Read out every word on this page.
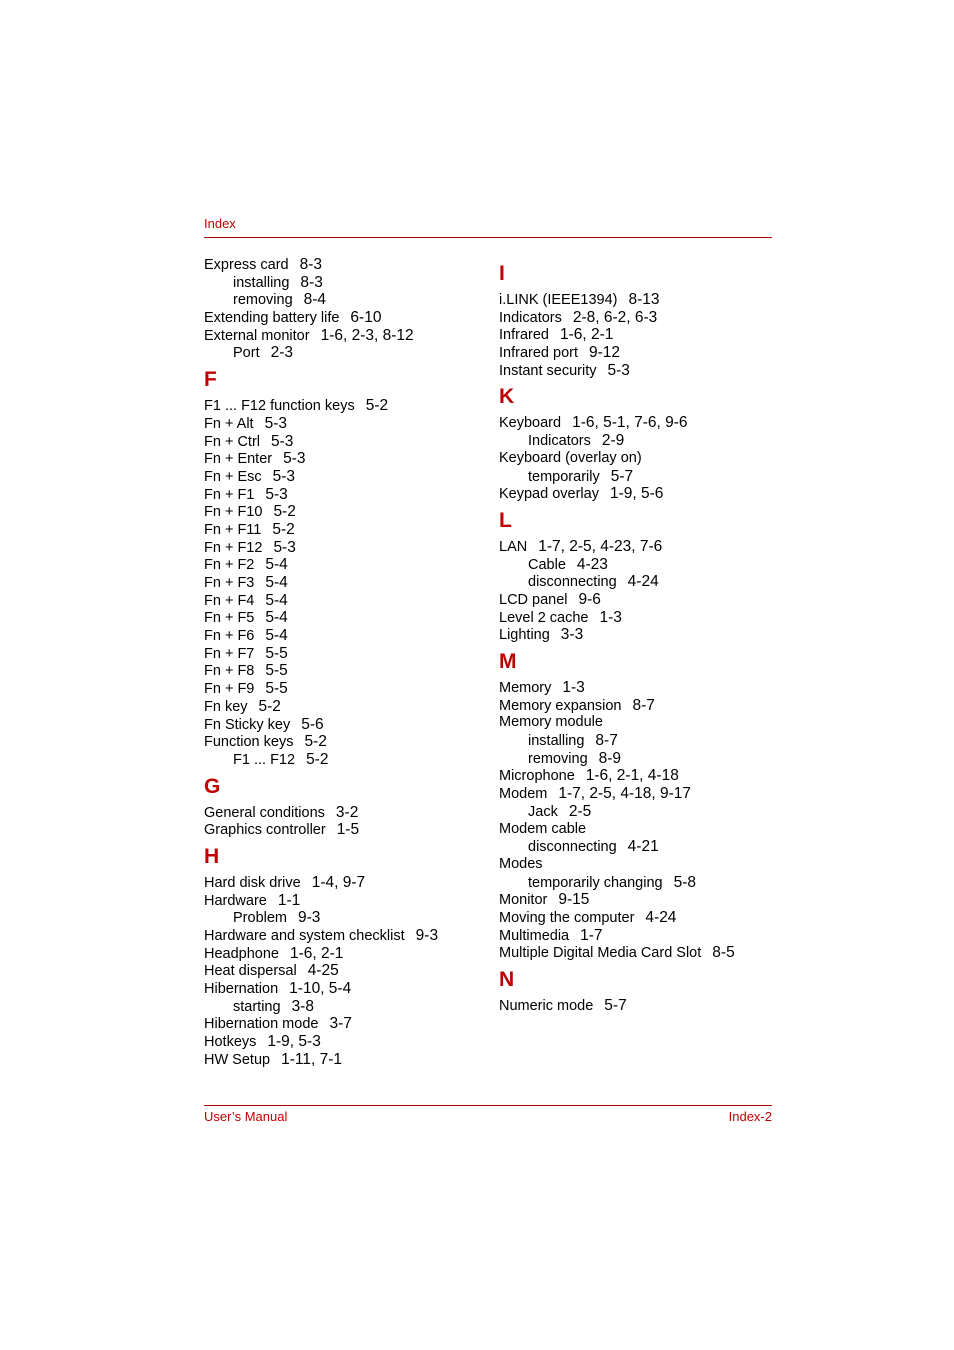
Index
Express card 8-3
installing 8-3
removing 8-4
Extending battery life 6-10
External monitor 1-6, 2-3, 8-12
Port 2-3
F
F1 ... F12 function keys 5-2
Fn + Alt 5-3
Fn + Ctrl 5-3
Fn + Enter 5-3
Fn + Esc 5-3
Fn + F1 5-3
Fn + F10 5-2
Fn + F11 5-2
Fn + F12 5-3
Fn + F2 5-4
Fn + F3 5-4
Fn + F4 5-4
Fn + F5 5-4
Fn + F6 5-4
Fn + F7 5-5
Fn + F8 5-5
Fn + F9 5-5
Fn key 5-2
Fn Sticky key 5-6
Function keys 5-2
F1 ... F12 5-2
G
General conditions 3-2
Graphics controller 1-5
H
Hard disk drive 1-4, 9-7
Hardware 1-1
Problem 9-3
Hardware and system checklist 9-3
Headphone 1-6, 2-1
Heat dispersal 4-25
Hibernation 1-10, 5-4
starting 3-8
Hibernation mode 3-7
Hotkeys 1-9, 5-3
HW Setup 1-11, 7-1
I
i.LINK (IEEE1394) 8-13
Indicators 2-8, 6-2, 6-3
Infrared 1-6, 2-1
Infrared port 9-12
Instant security 5-3
K
Keyboard 1-6, 5-1, 7-6, 9-6
Indicators 2-9
Keyboard (overlay on)
temporarily 5-7
Keypad overlay 1-9, 5-6
L
LAN 1-7, 2-5, 4-23, 7-6
Cable 4-23
disconnecting 4-24
LCD panel 9-6
Level 2 cache 1-3
Lighting 3-3
M
Memory 1-3
Memory expansion 8-7
Memory module
installing 8-7
removing 8-9
Microphone 1-6, 2-1, 4-18
Modem 1-7, 2-5, 4-18, 9-17
Jack 2-5
Modem cable
disconnecting 4-21
Modes
temporarily changing 5-8
Monitor 9-15
Moving the computer 4-24
Multimedia 1-7
Multiple Digital Media Card Slot 8-5
N
Numeric mode 5-7
User’s Manual	Index-2
